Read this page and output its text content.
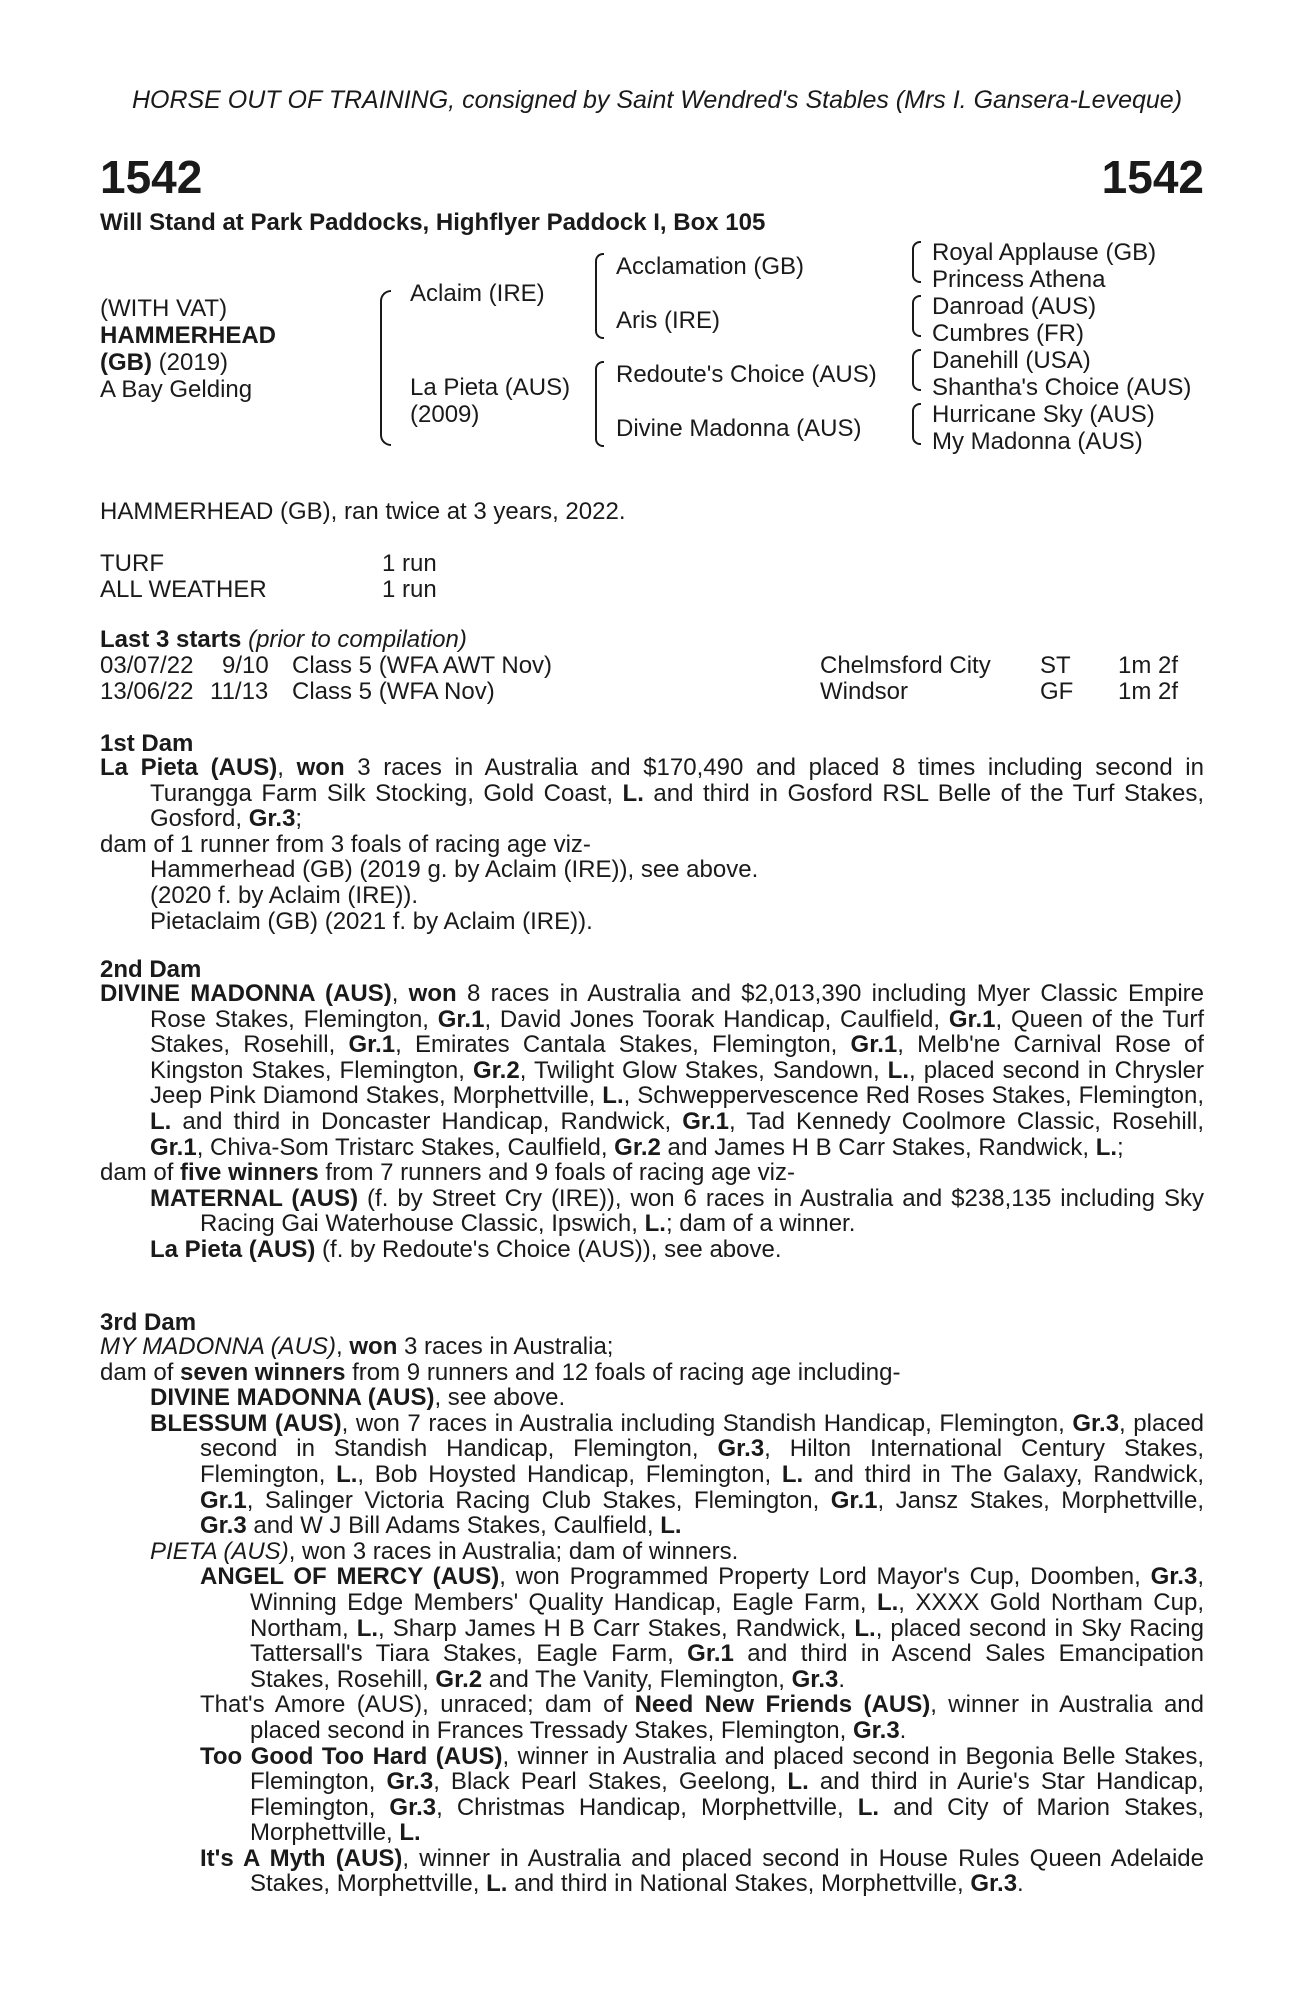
HORSE OUT OF TRAINING, consigned by Saint Wendred's Stables (Mrs I. Gansera-Leveque)
1542	1542
Will Stand at Park Paddocks, Highflyer Paddock I, Box 105
(WITH VAT)
HAMMERHEAD
(GB) (2019)
A Bay Gelding
Aclaim (IRE)
La Pieta (AUS)
(2009)
Acclamation (GB)
Aris (IRE)
Redoute's Choice (AUS)
Divine Madonna (AUS)
Royal Applause (GB)
Princess Athena
Danroad (AUS)
Cumbres (FR)
Danehill (USA)
Shantha's Choice (AUS)
Hurricane Sky (AUS)
My Madonna (AUS)
HAMMERHEAD (GB), ran twice at 3 years, 2022.
TURF	1 run
ALL WEATHER	1 run
Last 3 starts (prior to compilation)
03/07/22 9/10 Class 5 (WFA AWT Nov)	Chelmsford City ST 1m 2f
13/06/22 11/13 Class 5 (WFA Nov)	Windsor	GF 1m 2f
1st Dam
La Pieta (AUS), won 3 races in Australia and $170,490 and placed 8 times including second in Turangga Farm Silk Stocking, Gold Coast, L. and third in Gosford RSL Belle of the Turf Stakes, Gosford, Gr.3;
dam of 1 runner from 3 foals of racing age viz-
Hammerhead (GB) (2019 g. by Aclaim (IRE)), see above.
(2020 f. by Aclaim (IRE)).
Pietaclaim (GB) (2021 f. by Aclaim (IRE)).
2nd Dam
DIVINE MADONNA (AUS), won 8 races in Australia and $2,013,390 including Myer Classic Empire Rose Stakes, Flemington, Gr.1, David Jones Toorak Handicap, Caulfield, Gr.1, Queen of the Turf Stakes, Rosehill, Gr.1, Emirates Cantala Stakes, Flemington, Gr.1, Melb'ne Carnival Rose of Kingston Stakes, Flemington, Gr.2, Twilight Glow Stakes, Sandown, L., placed second in Chrysler Jeep Pink Diamond Stakes, Morphettville, L., Schweppervescence Red Roses Stakes, Flemington, L. and third in Doncaster Handicap, Randwick, Gr.1, Tad Kennedy Coolmore Classic, Rosehill, Gr.1, Chiva-Som Tristarc Stakes, Caulfield, Gr.2 and James H B Carr Stakes, Randwick, L.;
dam of five winners from 7 runners and 9 foals of racing age viz-
MATERNAL (AUS) (f. by Street Cry (IRE)), won 6 races in Australia and $238,135 including Sky Racing Gai Waterhouse Classic, Ipswich, L.; dam of a winner.
La Pieta (AUS) (f. by Redoute's Choice (AUS)), see above.
3rd Dam
MY MADONNA (AUS), won 3 races in Australia;
dam of seven winners from 9 runners and 12 foals of racing age including-
DIVINE MADONNA (AUS), see above.
BLESSUM (AUS), won 7 races in Australia including Standish Handicap, Flemington, Gr.3, placed second in Standish Handicap, Flemington, Gr.3, Hilton International Century Stakes, Flemington, L., Bob Hoysted Handicap, Flemington, L. and third in The Galaxy, Randwick, Gr.1, Salinger Victoria Racing Club Stakes, Flemington, Gr.1, Jansz Stakes, Morphettville, Gr.3 and W J Bill Adams Stakes, Caulfield, L.
PIETA (AUS), won 3 races in Australia; dam of winners.
ANGEL OF MERCY (AUS), won Programmed Property Lord Mayor's Cup, Doomben, Gr.3, Winning Edge Members' Quality Handicap, Eagle Farm, L., XXXX Gold Northam Cup, Northam, L., Sharp James H B Carr Stakes, Randwick, L., placed second in Sky Racing Tattersall's Tiara Stakes, Eagle Farm, Gr.1 and third in Ascend Sales Emancipation Stakes, Rosehill, Gr.2 and The Vanity, Flemington, Gr.3.
That's Amore (AUS), unraced; dam of Need New Friends (AUS), winner in Australia and placed second in Frances Tressady Stakes, Flemington, Gr.3.
Too Good Too Hard (AUS), winner in Australia and placed second in Begonia Belle Stakes, Flemington, Gr.3, Black Pearl Stakes, Geelong, L. and third in Aurie's Star Handicap, Flemington, Gr.3, Christmas Handicap, Morphettville, L. and City of Marion Stakes, Morphettville, L.
It's A Myth (AUS), winner in Australia and placed second in House Rules Queen Adelaide Stakes, Morphettville, L. and third in National Stakes, Morphettville, Gr.3.
